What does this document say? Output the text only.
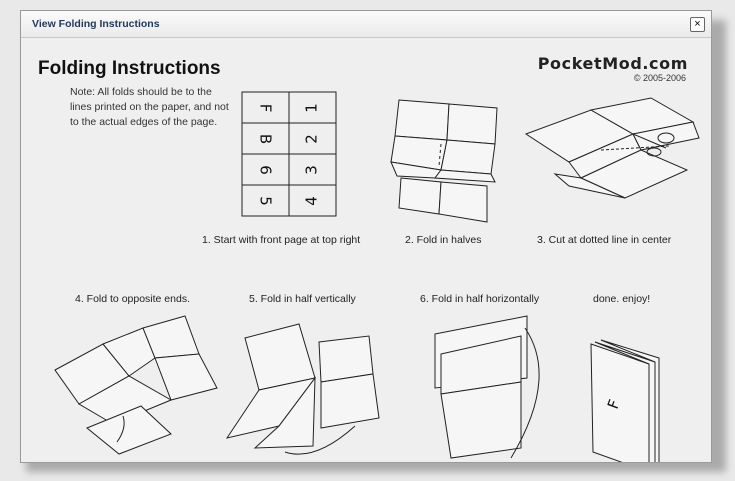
View Folding Instructions	×
Folding Instructions
Note: All folds should be to the lines printed on the paper, and not to the actual edges of the page.
PocketMod.com
© 2005-2006
F 1
B 2
6 3
5 4
F
1. Start with front page at top right	2. Fold in halves	3. Cut at dotted line in center
4. Fold to opposite ends.	5. Fold in half vertically	6. Fold in half horizontally	done. enjoy!
